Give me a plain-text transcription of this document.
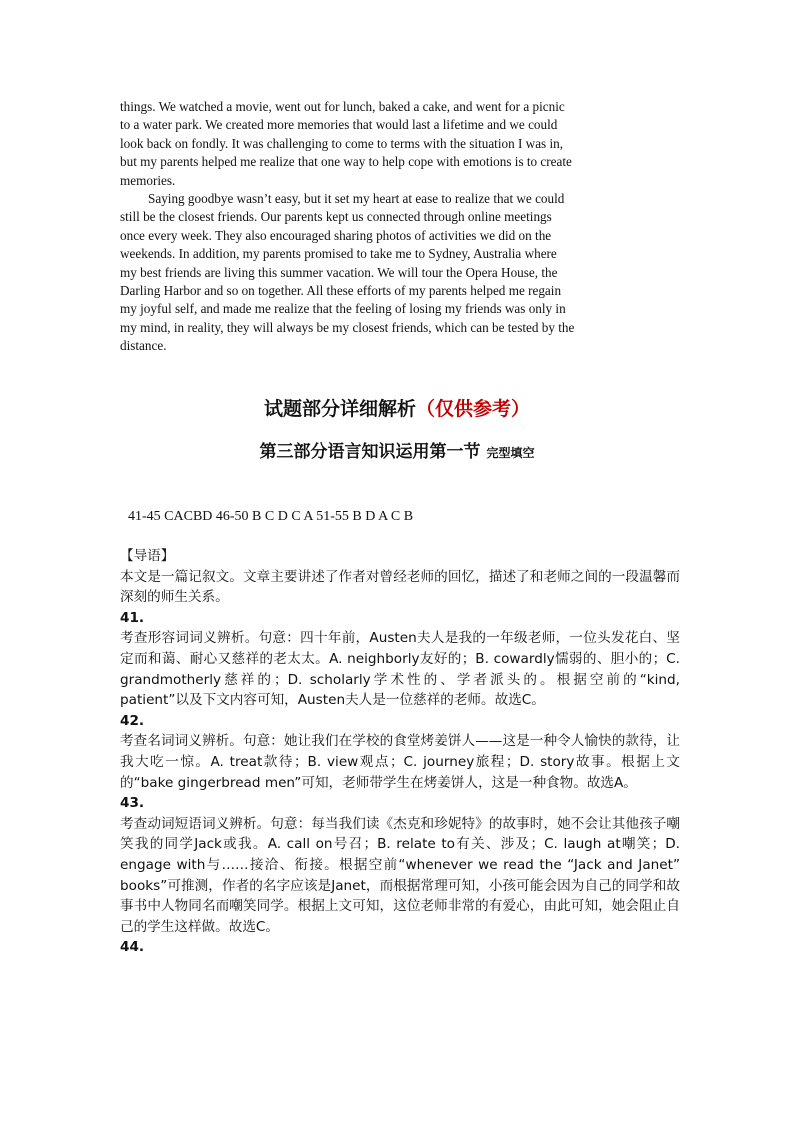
things. We watched a movie, went out for lunch, baked a cake, and went for a picnic
to a water park. We created more memories that would last a lifetime and we could
look back on fondly. It was challenging to come to terms with the situation I was in,
but my parents helped me realize that one way to help cope with emotions is to create
memories.

Saying goodbye wasn’t easy, but it set my heart at ease to realize that we could
still be the closest friends. Our parents kept us connected through online meetings
once every week. They also encouraged sharing photos of activities we did on the
weekends. In addition, my parents promised to take me to Sydney, Australia where
my best friends are living this summer vacation. We will tour the Opera House, the
Darling Harbor and so on together. All these efforts of my parents helped me regain
my joyful self, and made me realize that the feeling of losing my friends was only in
my mind, in reality, they will always be my closest friends, which can be tested by the
distance.

试题部分详细解析（仅供参考）
第三部分语言知识运用第一节 完型填空
41-45 CACBD 46-50 B C D C A 51-55 B D A C B

【导语】

本文是一篇记叙文。文章主要讲述了作者对曾经老师的回忆，描述了和老师之间的一段温馨而深刻的师生关系。

41.

考查形容词词义辨析。句意：四十年前，Austen夫人是我的一年级老师，一位头发花白、坚定而和蔼、耐心又慈祥的老太太。A. neighborly友好的；B. cowardly懦弱的、胆小的；C. grandmotherly慈祥的；D. scholarly学术性的、学者派头的。根据空前的“kind, patient”以及下文内容可知，Austen夫人是一位慈祥的老师。故选C。

42.

考查名词词义辨析。句意：她让我们在学校的食堂烤姜饼人——这是一种令人愉快的款待，让我大吃一惊。A. treat款待；B. view观点；C. journey旅程；D. story故事。根据上文的“bake gingerbread men”可知，老师带学生在烤姜饼人，这是一种食物。故选A。

43.

考查动词短语词义辨析。句意：每当我们读《杰克和珍妮特》的故事时，她不会让其他孩子嘲笑我的同学Jack或我。A. call on号召；B. relate to有关、涉及；C. laugh at嘲笑；D. engage with与……接洽、衔接。根据空前“whenever we read the “Jack and Janet” books”可推测，作者的名字应该是Janet，而根据常理可知，小孩可能会因为自己的同学和故事书中人物同名而嘲笑同学。根据上文可知，这位老师非常的有爱心，由此可知，她会阻止自己的学生这样做。故选C。

44.
